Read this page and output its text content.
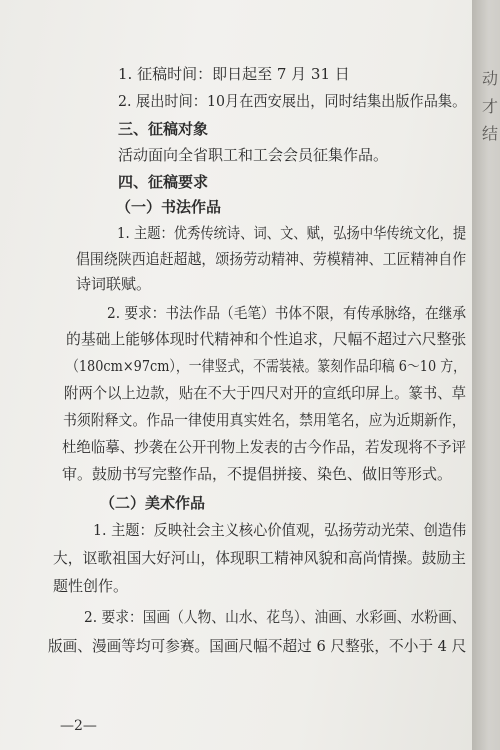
1. 征稿时间：即日起至 7 月 31 日
2. 展出时间：10月在西安展出，同时结集出版作品集。
三、征稿对象
活动面向全省职工和工会会员征集作品。
四、征稿要求
（一）书法作品
1. 主题：优秀传统诗、词、文、赋，弘扬中华传统文化，提
倡围绕陕西追赶超越，颂扬劳动精神、劳模精神、工匠精神自作
诗词联赋。
2. 要求：书法作品（毛笔）书体不限，有传承脉络，在继承
的基础上能够体现时代精神和个性追求，尺幅不超过六尺整张
（180cm×97cm），一律竖式，不需装裱。篆刻作品印稿 6～10 方，
附两个以上边款，贴在不大于四尺对开的宣纸印屏上。篆书、草
书须附释文。作品一律使用真实姓名，禁用笔名，应为近期新作，
杜绝临摹、抄袭在公开刊物上发表的古今作品，若发现将不予评
审。鼓励书写完整作品，不提倡拼接、染色、做旧等形式。
（二）美术作品
1. 主题：反映社会主义核心价值观，弘扬劳动光荣、创造伟
大，讴歌祖国大好河山，体现职工精神风貌和高尚情操。鼓励主
题性创作。
2. 要求：国画（人物、山水、花鸟）、油画、水彩画、水粉画、
版画、漫画等均可参赛。国画尺幅不超过 6 尺整张，不小于 4 尺
—2—
动
才
结
